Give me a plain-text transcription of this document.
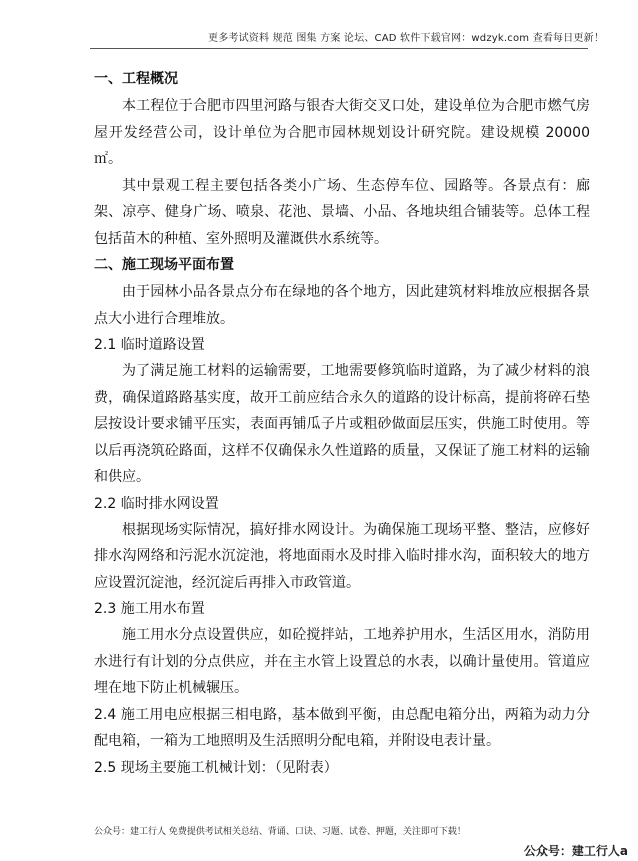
更多考试资料 规范 图集 方案 论坛、CAD 软件下载官网：wdzyk.com 查看每日更新！
一、工程概况
本工程位于合肥市四里河路与银杏大街交叉口处，建设单位为合肥市燃气房屋开发经营公司，设计单位为合肥市园林规划设计研究院。建设规模 20000㎡。
其中景观工程主要包括各类小广场、生态停车位、园路等。各景点有：廊架、凉亭、健身广场、喷泉、花池、景墙、小品、各地块组合铺装等。总体工程包括苗木的种植、室外照明及灌溉供水系统等。
二、施工现场平面布置
由于园林小品各景点分布在绿地的各个地方，因此建筑材料堆放应根据各景点大小进行合理堆放。
2.1 临时道路设置
为了满足施工材料的运输需要，工地需要修筑临时道路，为了减少材料的浪费，确保道路路基实度，故开工前应结合永久的道路的设计标高，提前将碎石垫层按设计要求铺平压实，表面再铺瓜子片或粗砂做面层压实，供施工时使用。等以后再浇筑砼路面，这样不仅确保永久性道路的质量，又保证了施工材料的运输和供应。
2.2 临时排水网设置
根据现场实际情况，搞好排水网设计。为确保施工现场平整、整洁，应修好排水沟网络和污泥水沉淀池，将地面雨水及时排入临时排水沟，面积较大的地方应设置沉淀池，经沉淀后再排入市政管道。
2.3 施工用水布置
施工用水分点设置供应，如砼搅拌站，工地养护用水，生活区用水，消防用水进行有计划的分点供应，并在主水管上设置总的水表，以确计量使用。管道应埋在地下防止机械辗压。
2.4 施工用电应根据三相电路，基本做到平衡，由总配电箱分出，两箱为动力分配电箱，一箱为工地照明及生活照明分配电箱，并附设电表计量。
2.5 现场主要施工机械计划：（见附表）
公众号：建工行人 免费提供考试相关总结、背诵、口诀、习题、试卷、押题，关注即可下载！
公众号：建工行人a
